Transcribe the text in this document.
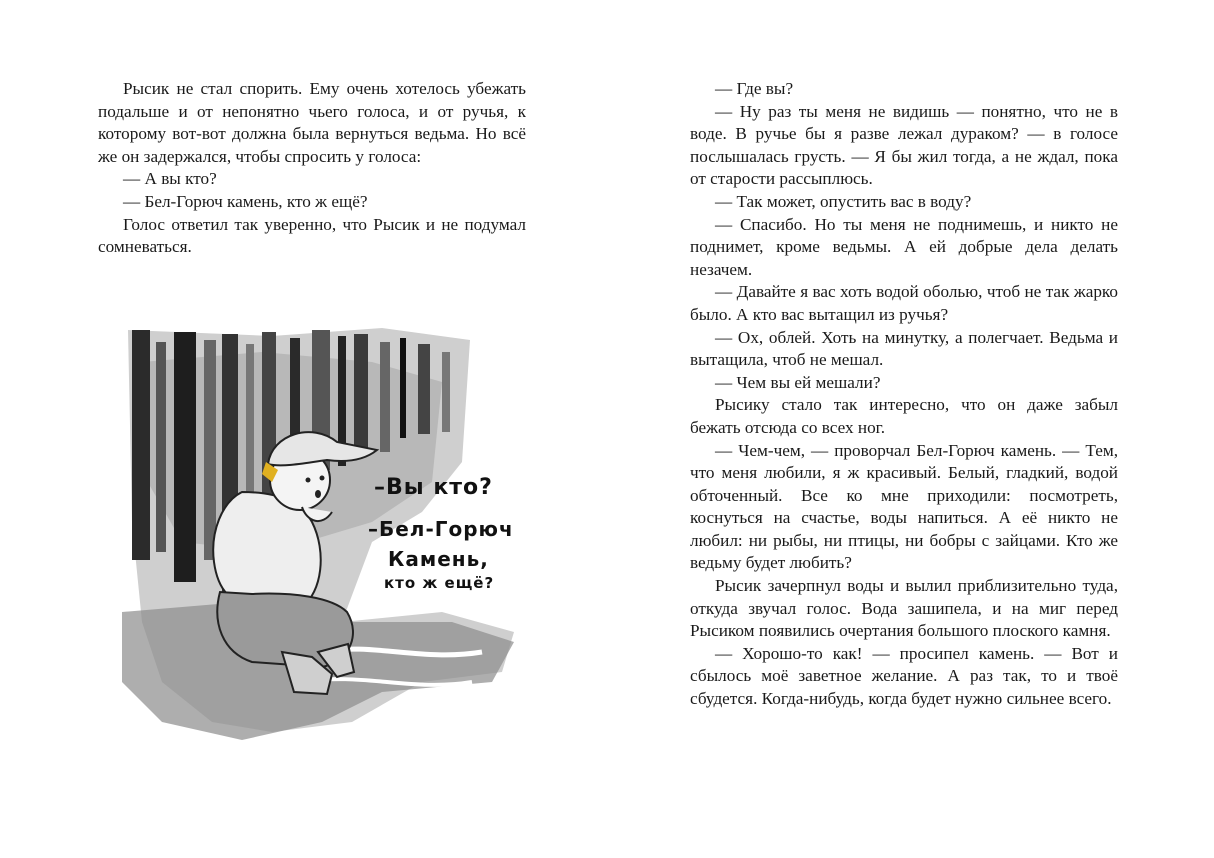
Рысик не стал спорить. Ему очень хотелось убежать подальше и от непонятно чьего голоса, и от ручья, к которому вот-вот должна была вернуться ведьма. Но всё же он задержался, чтобы спросить у голоса:

— А вы кто?

— Бел-Горюч камень, кто ж ещё?

Голос ответил так уверенно, что Рысик и не подумал сомневаться.

–Вы кто?
–Бел-Горюч
Камень,
кто ж ещё?

— Где вы?

— Ну раз ты меня не видишь — понятно, что не в воде. В ручье бы я разве лежал дураком? — в голосе послышалась грусть. — Я бы жил тогда, а не ждал, пока от старости рассыплюсь.

— Так может, опустить вас в воду?

— Спасибо. Но ты меня не поднимешь, и никто не поднимет, кроме ведьмы. А ей добрые дела делать незачем.

— Давайте я вас хоть водой оболью, чтоб не так жарко было. А кто вас вытащил из ручья?

— Ох, облей. Хоть на минутку, а полегчает. Ведьма и вытащила, чтоб не мешал.

— Чем вы ей мешали?

Рысику стало так интересно, что он даже забыл бежать отсюда со всех ног.

— Чем-чем, — проворчал Бел-Горюч камень. — Тем, что меня любили, я ж красивый. Белый, гладкий, водой обточенный. Все ко мне приходили: посмотреть, коснуться на счастье, воды напиться. А её никто не любил: ни рыбы, ни птицы, ни бобры с зайцами. Кто же ведьму будет любить?

Рысик зачерпнул воды и вылил приблизительно туда, откуда звучал голос. Вода зашипела, и на миг перед Рысиком появились очертания большого плоского камня.

— Хорошо-то как! — просипел камень. — Вот и сбылось моё заветное желание. А раз так, то и твоё сбудется. Когда-нибудь, когда будет нужно сильнее всего.
